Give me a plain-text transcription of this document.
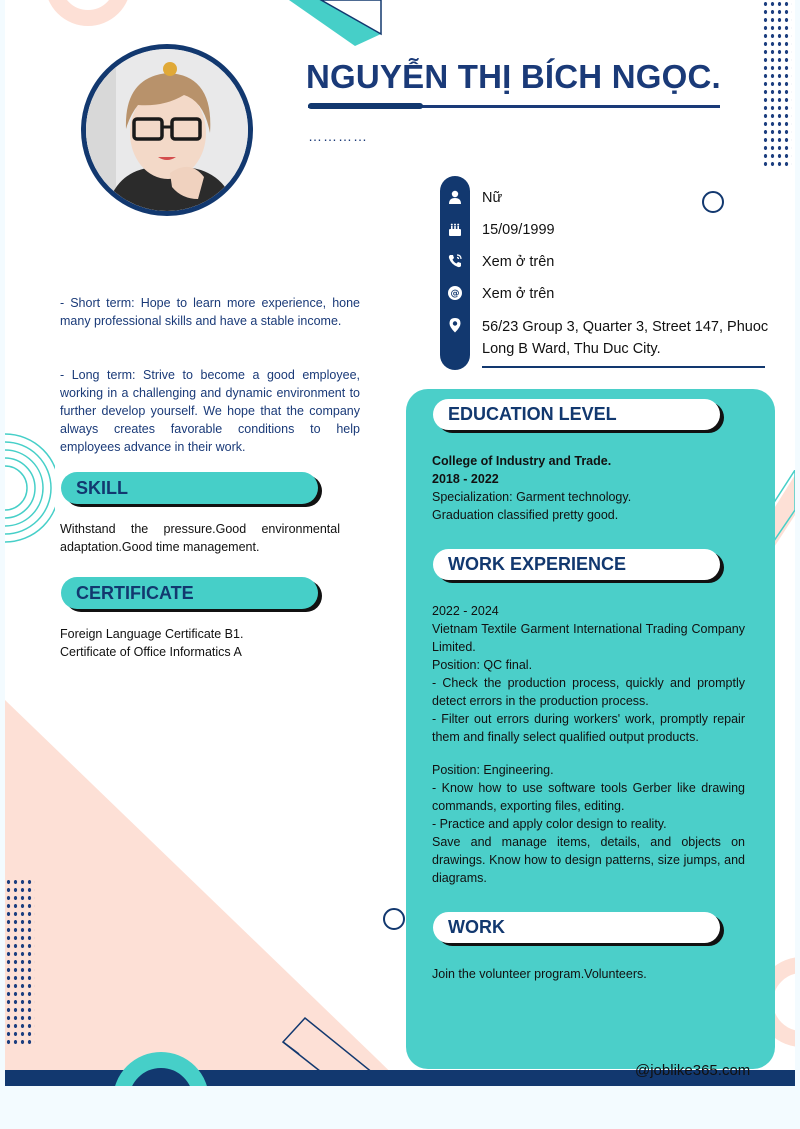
NGUYỄN THỊ BÍCH NGỌC.
…………
Nữ
15/09/1999
Xem ở trên
@ Xem ở trên
56/23 Group 3, Quarter 3, Street 147, Phuoc Long B Ward, Thu Duc City.
- Short term: Hope to learn more experience, hone many professional skills and have a stable income.
- Long term: Strive to become a good employee, working in a challenging and dynamic environment to further develop yourself. We hope that the company always creates favorable conditions to help employees advance in their work.
SKILL
Withstand the pressure.Good environmental adaptation.Good time management.
CERTIFICATE
Foreign Language Certificate B1.
Certificate of Office Informatics A
EDUCATION LEVEL
College of Industry and Trade.
2018 - 2022
Specialization: Garment technology.
Graduation classified pretty good.
WORK EXPERIENCE
2022 - 2024
Vietnam Textile Garment International Trading Company Limited.
Position: QC final.
- Check the production process, quickly and promptly detect errors in the production process.
- Filter out errors during workers' work, promptly repair them and finally select qualified output products.
Position: Engineering.
- Know how to use software tools Gerber like drawing commands, exporting files, editing.
- Practice and apply color design to reality.
Save and manage items, details, and objects on drawings. Know how to design patterns, size jumps, and diagrams.
WORK
Join the volunteer program.Volunteers.
@joblike365.com
